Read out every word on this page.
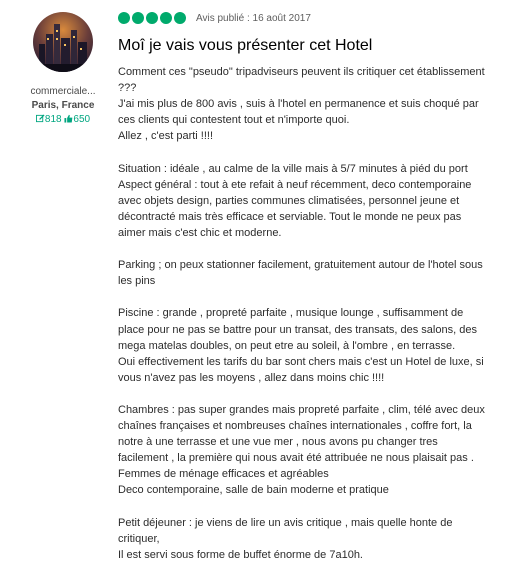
commerciale...
Paris, France
818 650
Avis publié : 16 août 2017
Moî je vais vous présenter cet Hotel
Comment ces "pseudo" tripadviseurs peuvent ils critiquer cet établissement ???
J'ai mis plus de 800 avis , suis à l'hotel en permanence et suis choqué par ces clients qui contestent tout et n'importe quoi.
Allez , c'est parti !!!!

Situation : idéale , au calme de la ville mais à 5/7 minutes à piéd du port
Aspect général : tout à ete refait à neuf récemment, deco contemporaine avec objets design, parties communes climatisées, personnel jeune et décontracté mais très efficace et serviable. Tout le monde ne peux pas aimer mais c'est chic et moderne.

Parking ; on peux stationner facilement, gratuitement autour de l'hotel sous les pins

Piscine : grande , propreté parfaite , musique lounge , suffisamment de place pour ne pas se battre pour un transat, des transats, des salons, des mega matelas doubles, on peut etre au soleil, à l'ombre , en terrasse.
Oui effectivement les tarifs du bar sont chers mais c'est un Hotel de luxe, si vous n'avez pas les moyens , allez dans moins chic !!!!

Chambres : pas super grandes mais propreté parfaite , clim, télé avec deux chaînes françaises et nombreuses chaînes internationales , coffre fort, la notre à une terrasse et une vue mer , nous avons pu changer tres facilement , la première qui nous avait été attribuée ne nous plaisait pas .
Femmes de ménage efficaces et agréables
Deco contemporaine, salle de bain moderne et pratique

Petit déjeuner : je viens de lire un avis critique , mais quelle honte de critiquer,
Il est servi sous forme de buffet énorme de 7a10h.
